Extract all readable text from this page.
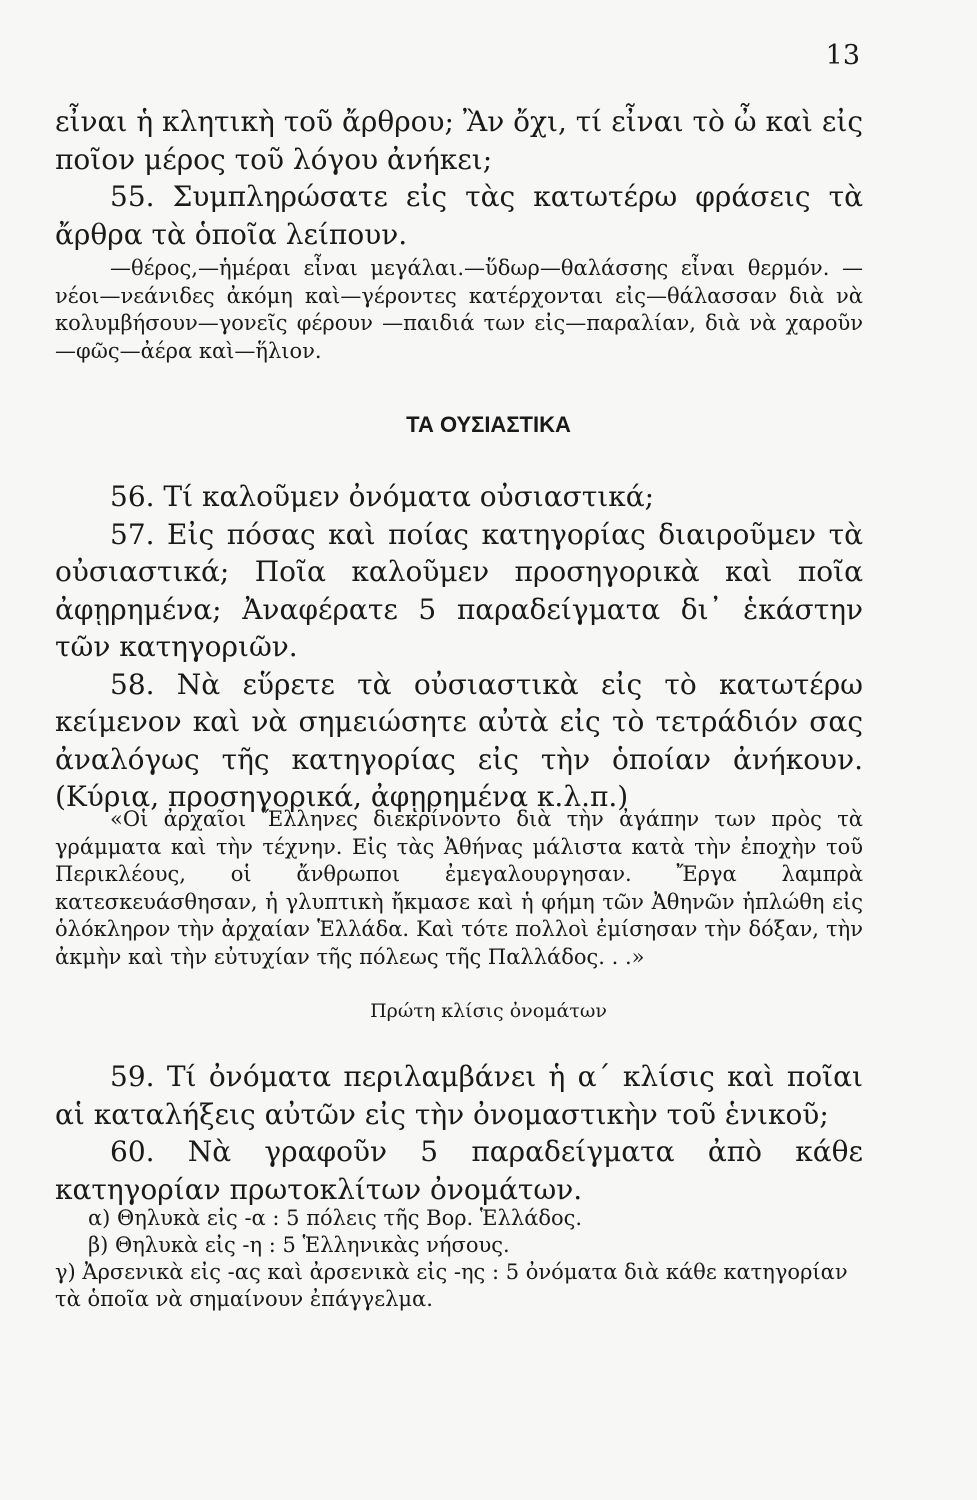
13

εἶναι ἡ κλητικὴ τοῦ ἄρθρου; Ἂν ὄχι, τί εἶναι τὸ ὦ καὶ εἰς ποῖον μέρος τοῦ λόγου ἀνήκει;

55. Συμπληρώσατε εἰς τὰς κατωτέρω φράσεις τὰ ἄρθρα τὰ ὁποῖα λείπουν.

—θέρος,—ἡμέραι εἶναι μεγάλαι.—ὕδωρ—θαλάσσης εἶναι θερμόν. —νέοι—νεάνιδες ἀκόμη καὶ—γέροντες κατέρχονται εἰς—θάλασσαν διὰ νὰ κολυμβήσουν—γονεῖς φέρουν —παιδιά των εἰς—παραλίαν, διὰ νὰ χαροῦν—φῶς—ἀέρα καὶ—ἥλιον.
ΤΑ ΟΥΣΙΑΣΤΙΚΑ

56. Τί καλοῦμεν ὀνόματα οὐσιαστικά;

57. Εἰς πόσας καὶ ποίας κατηγορίας διαιροῦμεν τὰ οὐσιαστικά; Ποῖα καλοῦμεν προσηγορικὰ καὶ ποῖα ἀφῃρημένα; Ἀναφέρατε 5 παραδείγματα δι᾽ ἑκάστην τῶν κατηγοριῶν.

58. Νὰ εὕρετε τὰ οὐσιαστικὰ εἰς τὸ κατωτέρω κείμενον καὶ νὰ σημειώσητε αὐτὰ εἰς τὸ τετράδιόν σας ἀναλόγως τῆς κατηγορίας εἰς τὴν ὁποίαν ἀνήκουν. (Κύρια, προσηγορικά, ἀφῃρημένα κ.λ.π.)

«Οἱ ἀρχαῖοι Ἕλληνες διεκρίνοντο διὰ τὴν ἀγάπην των πρὸς τὰ γράμματα καὶ τὴν τέχνην. Εἰς τὰς Ἀθήνας μάλιστα κατὰ τὴν ἐποχὴν τοῦ Περικλέους, οἱ ἄνθρωποι ἐμεγαλουργησαν. Ἔργα λαμπρὰ κατεσκευάσθησαν, ἡ γλυπτικὴ ἤκμασε καὶ ἡ φήμη τῶν Ἀθηνῶν ἡπλώθη εἰς ὁλόκληρον τὴν ἀρχαίαν Ἑλλάδα. Καὶ τότε πολλοὶ ἐμίσησαν τὴν δόξαν, τὴν ἀκμὴν καὶ τὴν εὐτυχίαν τῆς πόλεως τῆς Παλλάδος. . .»
Πρώτη κλίσις ὀνομάτων

59. Τί ὀνόματα περιλαμβάνει ἡ α´ κλίσις καὶ ποῖαι αἱ καταλήξεις αὐτῶν εἰς τὴν ὀνομαστικὴν τοῦ ἑνικοῦ;

60. Νὰ γραφοῦν 5 παραδείγματα ἀπὸ κάθε κατηγορίαν πρωτοκλίτων ὀνομάτων.

α) Θηλυκὰ εἰς -α : 5 πόλεις τῆς Βορ. Ἑλλάδος.

β) Θηλυκὰ εἰς -η : 5 Ἑλληνικὰς νήσους.

γ) Ἀρσενικὰ εἰς -ας καὶ ἀρσενικὰ εἰς -ης : 5 ὀνόματα διὰ κάθε κατηγορίαν τὰ ὁποῖα νὰ σημαίνουν ἐπάγγελμα.
